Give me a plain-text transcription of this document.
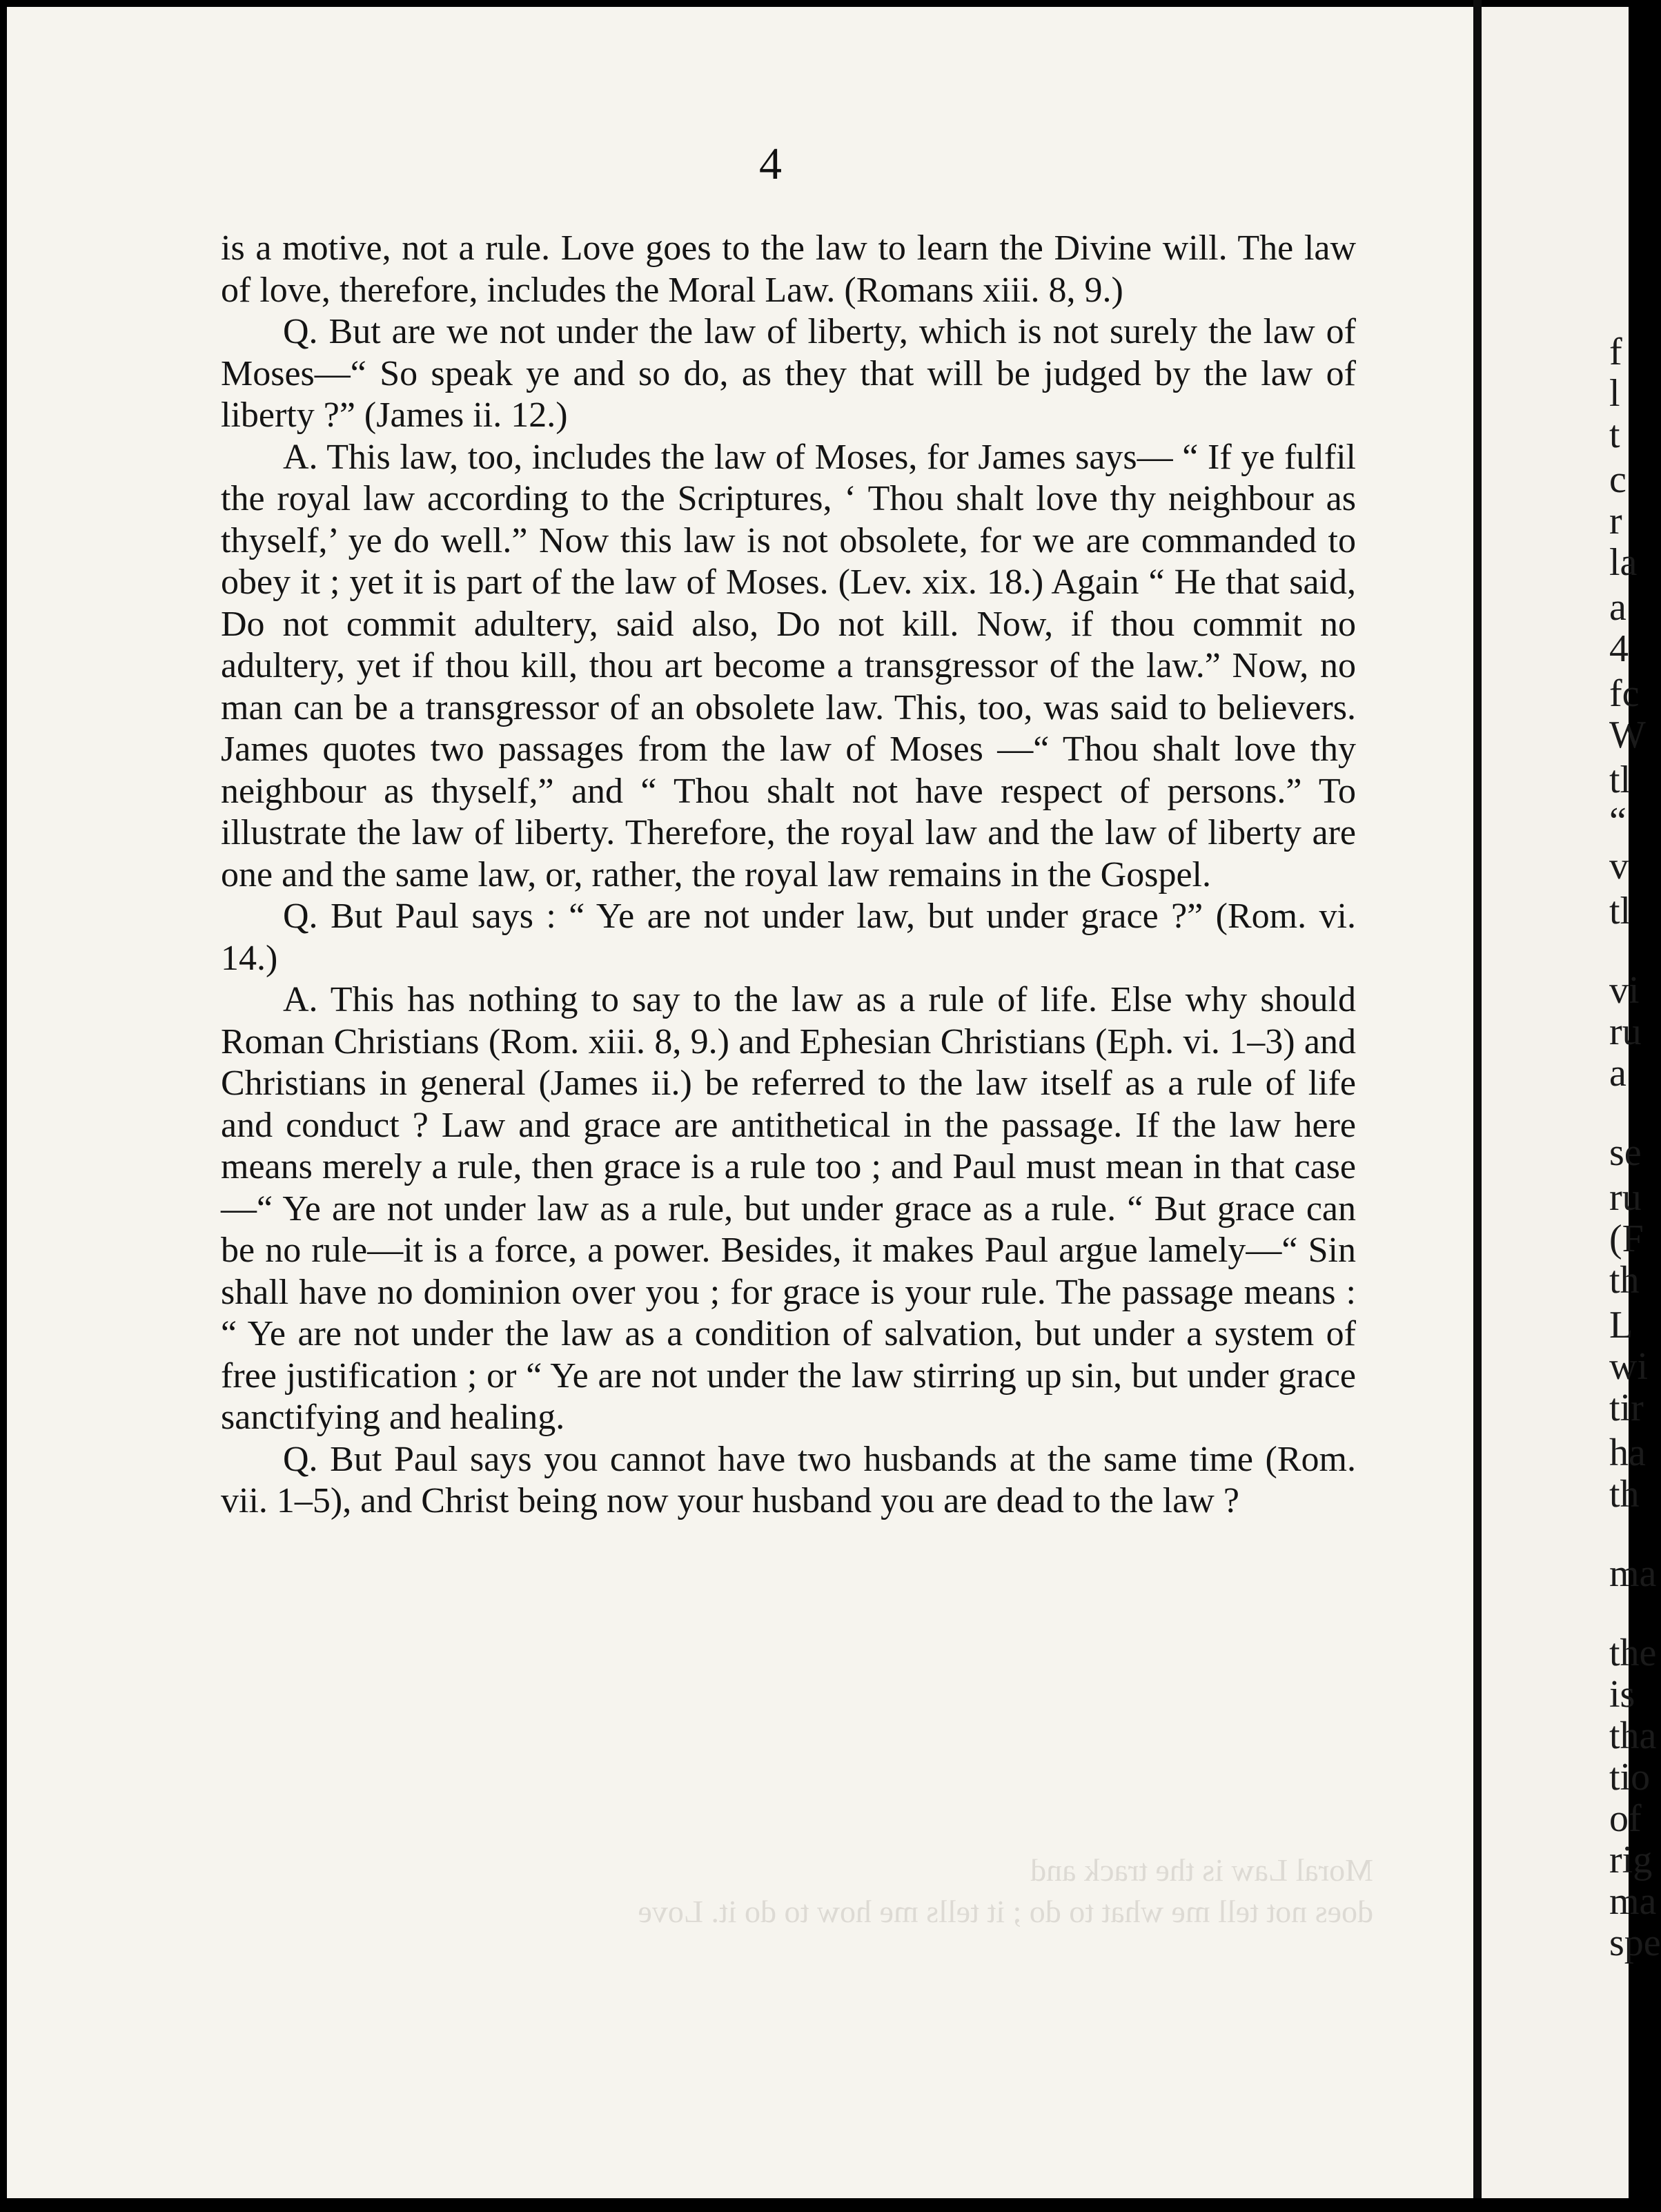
4

is a motive, not a rule. Love goes to the law to learn the Divine will. The law of love, therefore, includes the Moral Law. (Romans xiii. 8, 9.)

Q. But are we not under the law of liberty, which is not surely the law of Moses—“ So speak ye and so do, as they that will be judged by the law of liberty ?” (James ii. 12.)

A. This law, too, includes the law of Moses, for James says— “ If ye fulfil the royal law according to the Scriptures, ‘ Thou shalt love thy neighbour as thyself,’ ye do well.” Now this law is not obsolete, for we are commanded to obey it ; yet it is part of the law of Moses. (Lev. xix. 18.) Again “ He that said, Do not commit adultery, said also, Do not kill. Now, if thou commit no adultery, yet if thou kill, thou art become a transgressor of the law.” Now, no man can be a transgressor of an obsolete law. This, too, was said to believers. James quotes two passages from the law of Moses —“ Thou shalt love thy neighbour as thyself,” and “ Thou shalt not have respect of persons.” To illustrate the law of liberty. Therefore, the royal law and the law of liberty are one and the same law, or, rather, the royal law remains in the Gospel.

Q. But Paul says : “ Ye are not under law, but under grace ?” (Rom. vi. 14.)

A. This has nothing to say to the law as a rule of life. Else why should Roman Christians (Rom. xiii. 8, 9.) and Ephesian Christians (Eph. vi. 1–3) and Christians in general (James ii.) be referred to the law itself as a rule of life and conduct ? Law and grace are antithetical in the passage. If the law here means merely a rule, then grace is a rule too ; and Paul must mean in that case—“ Ye are not under law as a rule, but under grace as a rule. “ But grace can be no rule—it is a force, a power. Besides, it makes Paul argue lamely—“ Sin shall have no dominion over you ; for grace is your rule. The passage means : “ Ye are not under the law as a condition of salvation, but under a system of free justification ; or “ Ye are not under the law stirring up sin, but under grace sanctifying and healing.

Q. But Paul says you cannot have two husbands at the same time (Rom. vii. 1–5), and Christ being now your husband you are dead to the law ?

Moral Law is the track and
does not tell me what to do ; it tells me how to do it. Love
f
l
t
c
r
la
a
4
fc
W
tl
“
v
tl
vi
ru
a
se
ru
(F
th
L
wi
tir
ha
th
ma
the
is
tha
tio
of
rig
ma
spe
